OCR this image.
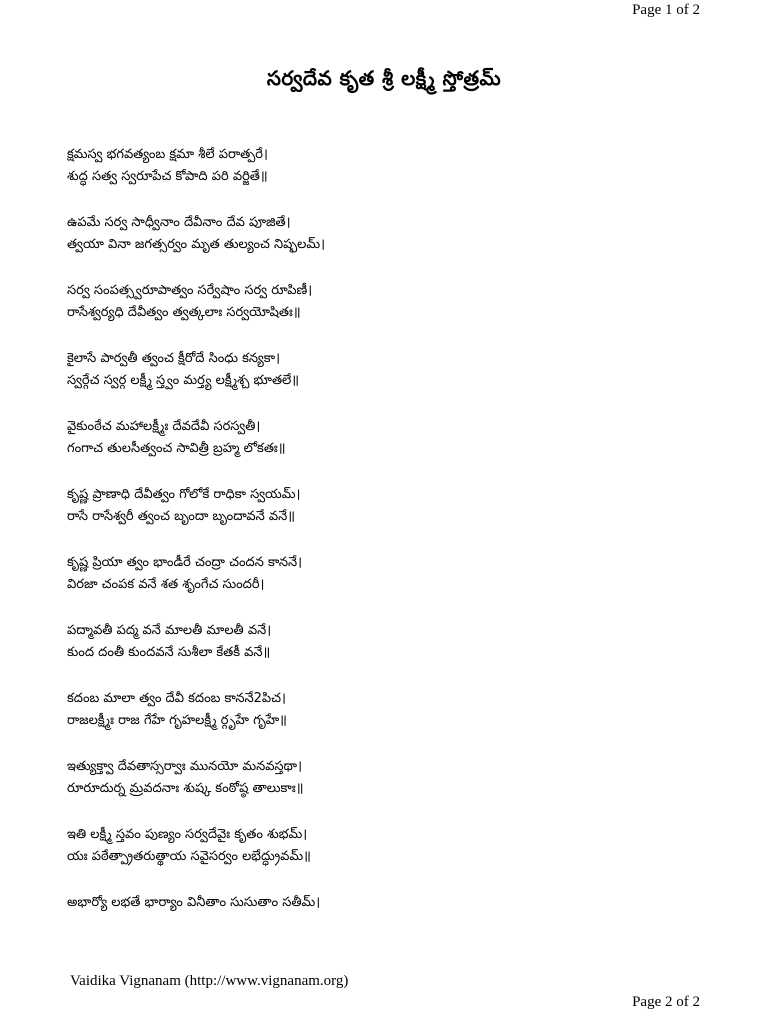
Page 1 of 2
సర్వదేవ కృత శ్రీ లక్ష్మీ స్తోత్రమ్
క్షమస్వ భగవత్యంబ క్షమా శీలే పరాత్పరే।
శుద్ధ సత్వ స్వరూపేచ కోపాది పరి వర్జితే॥
ఉపమే సర్వ సాధ్వీనాం దేవీనాం దేవ పూజితే।
త్వయా వినా జగత్సర్వం మృత తుల్యంచ నిష్ఫలమ్।
సర్వ సంపత్స్వరూపాత్వం సర్వేషాం సర్వ రూపిణీ।
రాసేశ్వర్యధి దేవీత్వం త్వత్కలాః సర్వయోషితః॥
కైలాసే పార్వతీ త్వంచ క్షీరోదే సింధు కన్యకా।
స్వర్గేచ స్వర్గ లక్ష్మీ స్త్వం మర్త్య లక్ష్మీశ్చ భూతలే॥
వైకుంఠేచ మహాలక్ష్మీః దేవదేవీ సరస్వతీ।
గంగాచ తులసీత్వంచ సావిత్రీ బ్రహ్మ లోకతః॥
కృష్ణ ప్రాణాధి దేవీత్వం గోలోకే రాధికా స్వయమ్।
రాసే రాసేశ్వరీ త్వంచ బృందా బృందావనే వనే॥
కృష్ణ ప్రియా త్వం భాండీరే చంద్రా చందన కాననే।
విరజా చంపక వనే శత శృంగేచ సుందరీ।
పద్మావతీ పద్మ వనే మాలతీ మాలతీ వనే।
కుంద దంతీ కుందవనే సుశీలా కేతకీ వనే॥
కదంబ మాలా త్వం దేవీ కదంబ కాననే2పిచ।
రాజలక్ష్మీః రాజ గేహే గృహలక్ష్మీ ర్గృహే గృహే॥
ఇత్యుక్త్వా దేవతాస్సర్వాః మునయో మనవస్తథా।
రూరూదుర్న మ్రవదనాః శుష్క కంఠోష్ఠ తాలుకాః॥
ఇతి లక్ష్మీ స్తవం పుణ్యం సర్వదేవైః కృతం శుభమ్।
యః పఠేత్ప్రాతరుత్థాయ సవైసర్వం లభేద్ధ్రువమ్॥
అభార్యో లభతే భార్యాం వినీతాం సుసుతాం సతీమ్।
Vaidika Vignanam (http://www.vignanam.org)
Page 2 of 2
